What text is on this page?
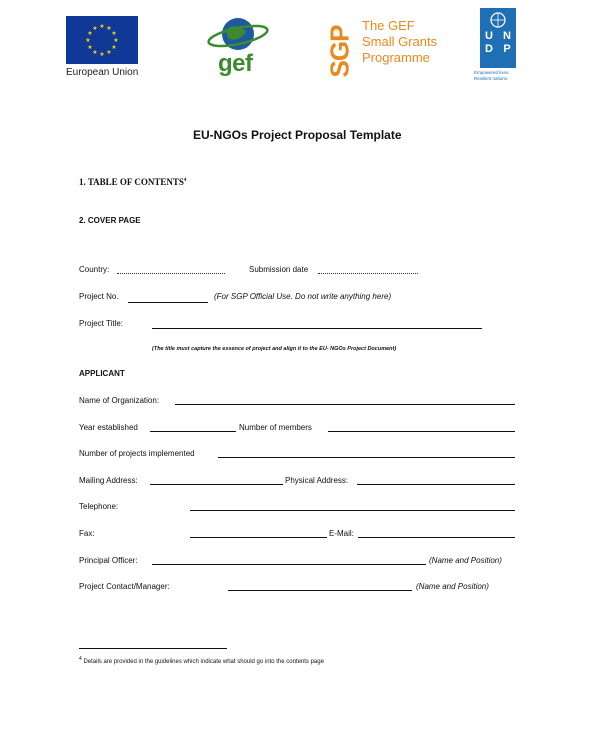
★ ★
★
★
★
★
★
★
★
★
★
★
European Union	gef	SGP
The GEF
Small Grants
Programme
U N
D P
Empowered lives.
Resilient nations.
EU-NGOs Project Proposal Template
1. TABLE OF CONTENTS$^4$
2. COVER PAGE
Country:	Submission date
Project No.	(For SGP Official Use. Do not write anything here)
Project Title:
(The title must capture the essence of project and align it to the EU- NGOs Project Document)
APPLICANT
Name of Organization:
Year established	Number of members
Number of projects implemented
Mailing Address:	Physical Address:
Telephone:
Fax:	E-Mail:
Principal Officer:	(Name and Position)
Project Contact/Manager:	(Name and Position)
$^4$ Details are provided in the guidelines which indicate what should go into the contents page
